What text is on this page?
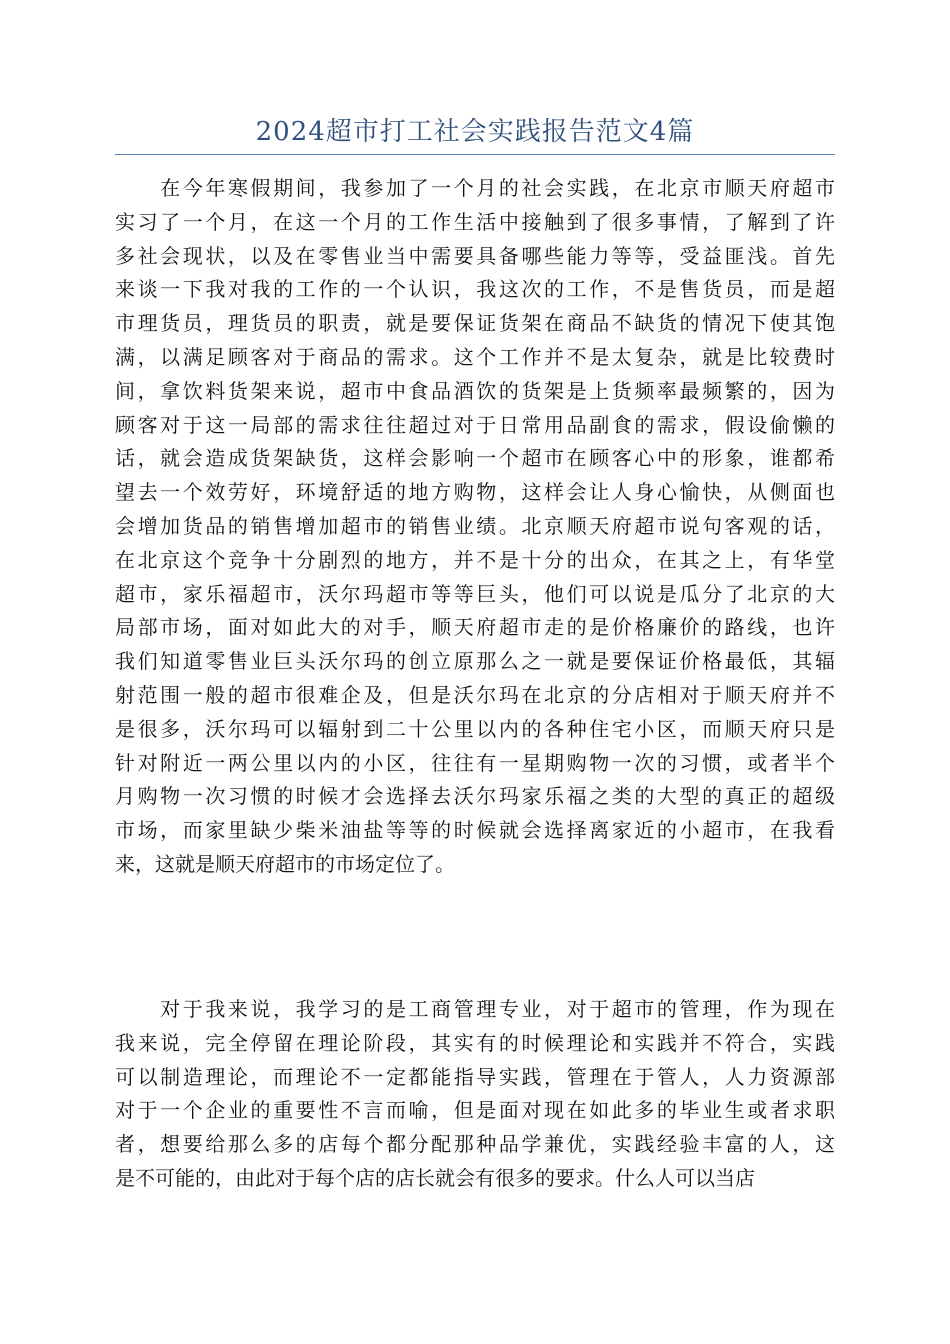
2024超市打工社会实践报告范文4篇
　　在今年寒假期间，我参加了一个月的社会实践，在北京市顺天府超市
实习了一个月，在这一个月的工作生活中接触到了很多事情，了解到了许
多社会现状，以及在零售业当中需要具备哪些能力等等，受益匪浅。首先
来谈一下我对我的工作的一个认识，我这次的工作，不是售货员，而是超
市理货员，理货员的职责，就是要保证货架在商品不缺货的情况下使其饱
满，以满足顾客对于商品的需求。这个工作并不是太复杂，就是比较费时
间，拿饮料货架来说，超市中食品酒饮的货架是上货频率最频繁的，因为
顾客对于这一局部的需求往往超过对于日常用品副食的需求，假设偷懒的
话，就会造成货架缺货，这样会影响一个超市在顾客心中的形象，谁都希
望去一个效劳好，环境舒适的地方购物，这样会让人身心愉快，从侧面也
会增加货品的销售增加超市的销售业绩。北京顺天府超市说句客观的话，
在北京这个竞争十分剧烈的地方，并不是十分的出众，在其之上，有华堂
超市，家乐福超市，沃尔玛超市等等巨头，他们可以说是瓜分了北京的大
局部市场，面对如此大的对手，顺天府超市走的是价格廉价的路线，也许
我们知道零售业巨头沃尔玛的创立原那么之一就是要保证价格最低，其辐
射范围一般的超市很难企及，但是沃尔玛在北京的分店相对于顺天府并不
是很多，沃尔玛可以辐射到二十公里以内的各种住宅小区，而顺天府只是
针对附近一两公里以内的小区，往往有一星期购物一次的习惯，或者半个
月购物一次习惯的时候才会选择去沃尔玛家乐福之类的大型的真正的超级
市场，而家里缺少柴米油盐等等的时候就会选择离家近的小超市，在我看
来，这就是顺天府超市的市场定位了。
　　对于我来说，我学习的是工商管理专业，对于超市的管理，作为现在
我来说，完全停留在理论阶段，其实有的时候理论和实践并不符合，实践
可以制造理论，而理论不一定都能指导实践，管理在于管人，人力资源部
对于一个企业的重要性不言而喻，但是面对现在如此多的毕业生或者求职
者，想要给那么多的店每个都分配那种品学兼优，实践经验丰富的人，这
是不可能的，由此对于每个店的店长就会有很多的要求。什么人可以当店
